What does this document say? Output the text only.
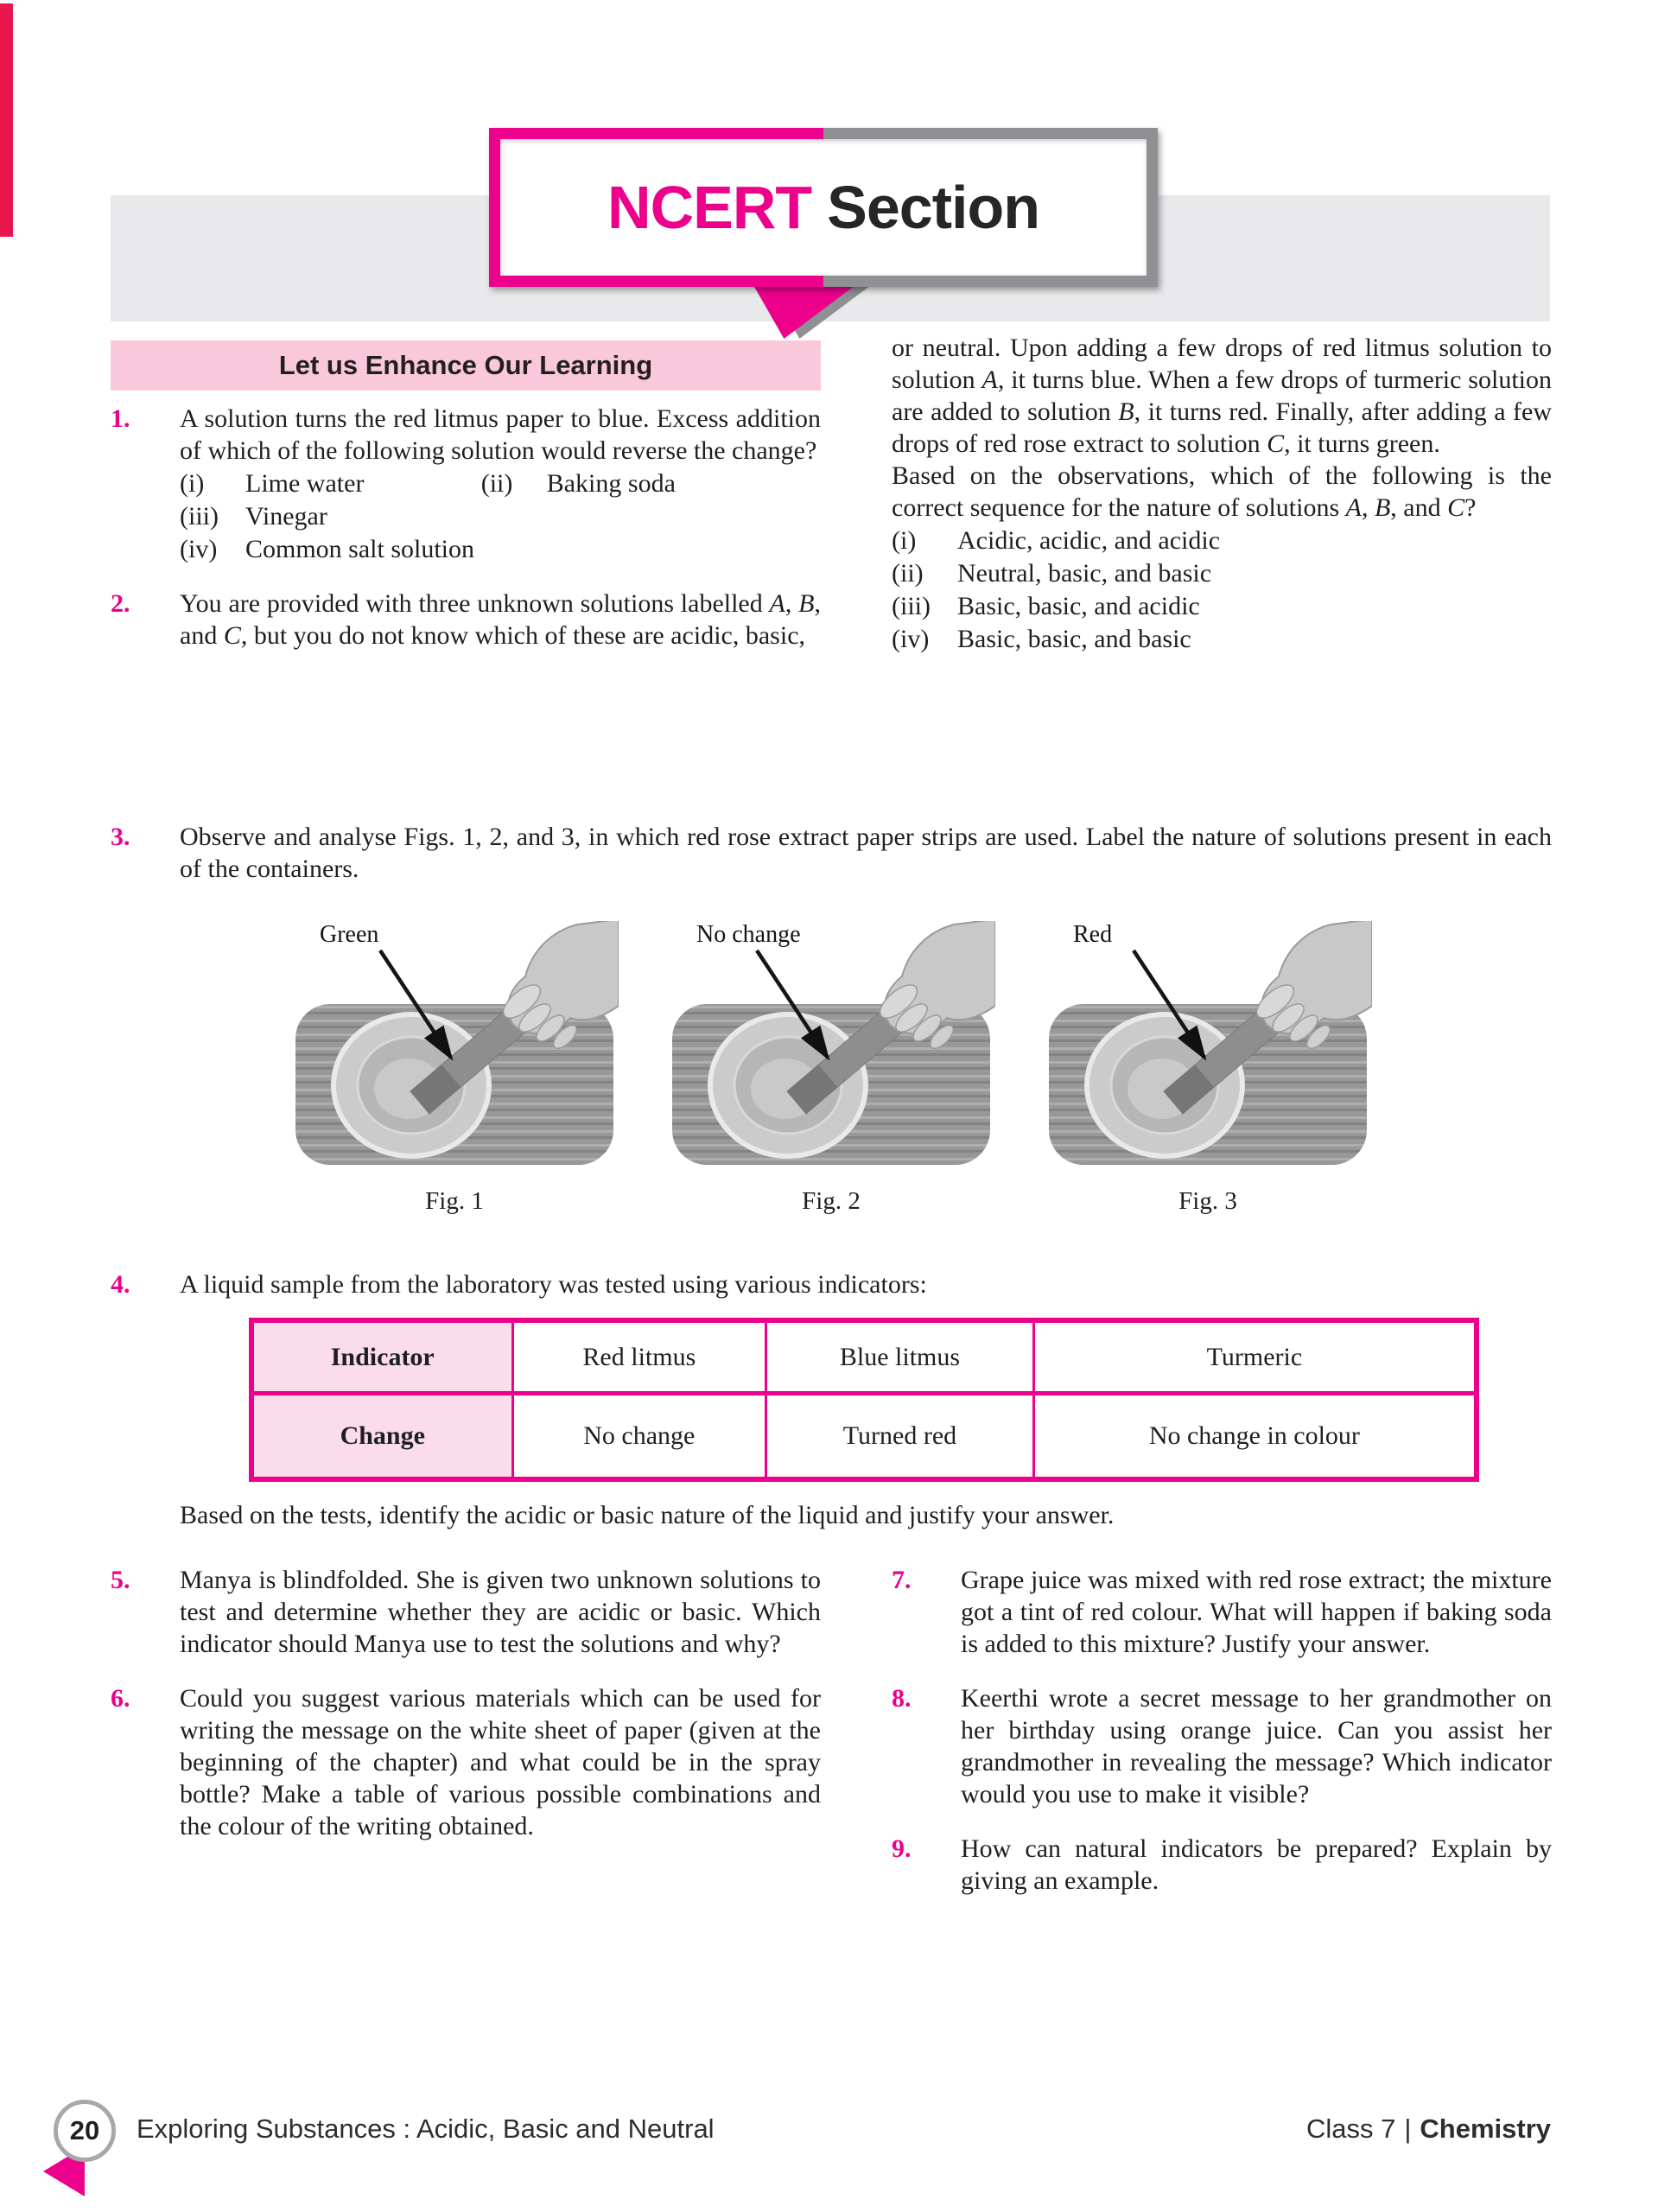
NCERT Section
Let us Enhance Our Learning
1.	A solution turns the red litmus paper to blue. Excess addition of which of the following solution would reverse the change?

(i) Lime water	(ii) Baking soda
(iii) Vinegar
(iv) Common salt solution
2.	You are provided with three unknown solutions labelled A, B, and C, but you do not know which of these are acidic, basic,

or neutral. Upon adding a few drops of red litmus solution to solution A, it turns blue. When a few drops of turmeric solution are added to solution B, it turns red. Finally, after adding a few drops of red rose extract to solution C, it turns green.

Based on the observations, which of the following is the correct sequence for the nature of solutions A, B, and C?

(i) Acidic, acidic, and acidic
(ii) Neutral, basic, and basic
(iii) Basic, basic, and acidic
(iv) Basic, basic, and basic
3.	Observe and analyse Figs. 1, 2, and 3, in which red rose extract paper strips are used. Label the nature of solutions present in each of the containers.

Green
Fig. 1
No change
Fig. 2
Red
Fig. 3
4.	A liquid sample from the laboratory was tested using various indicators:

Indicator	Red litmus	Blue litmus	Turmeric
Change	No change	Turned red	No change in colour

Based on the tests, identify the acidic or basic nature of the liquid and justify your answer.

5.	Manya is blindfolded. She is given two unknown solutions to test and determine whether they are acidic or basic. Which indicator should Manya use to test the solutions and why?

6.	Could you suggest various materials which can be used for writing the message on the white sheet of paper (given at the beginning of the chapter) and what could be in the spray bottle? Make a table of various possible combinations and the colour of the writing obtained.

7.	Grape juice was mixed with red rose extract; the mixture got a tint of red colour. What will happen if baking soda is added to this mixture? Justify your answer.

8.	Keerthi wrote a secret message to her grandmother on her birthday using orange juice. Can you assist her grandmother in revealing the message? Which indicator would you use to make it visible?

9.	How can natural indicators be prepared? Explain by giving an example.

20 Exploring Substances : Acidic, Basic and Neutral	Class 7 | Chemistry
